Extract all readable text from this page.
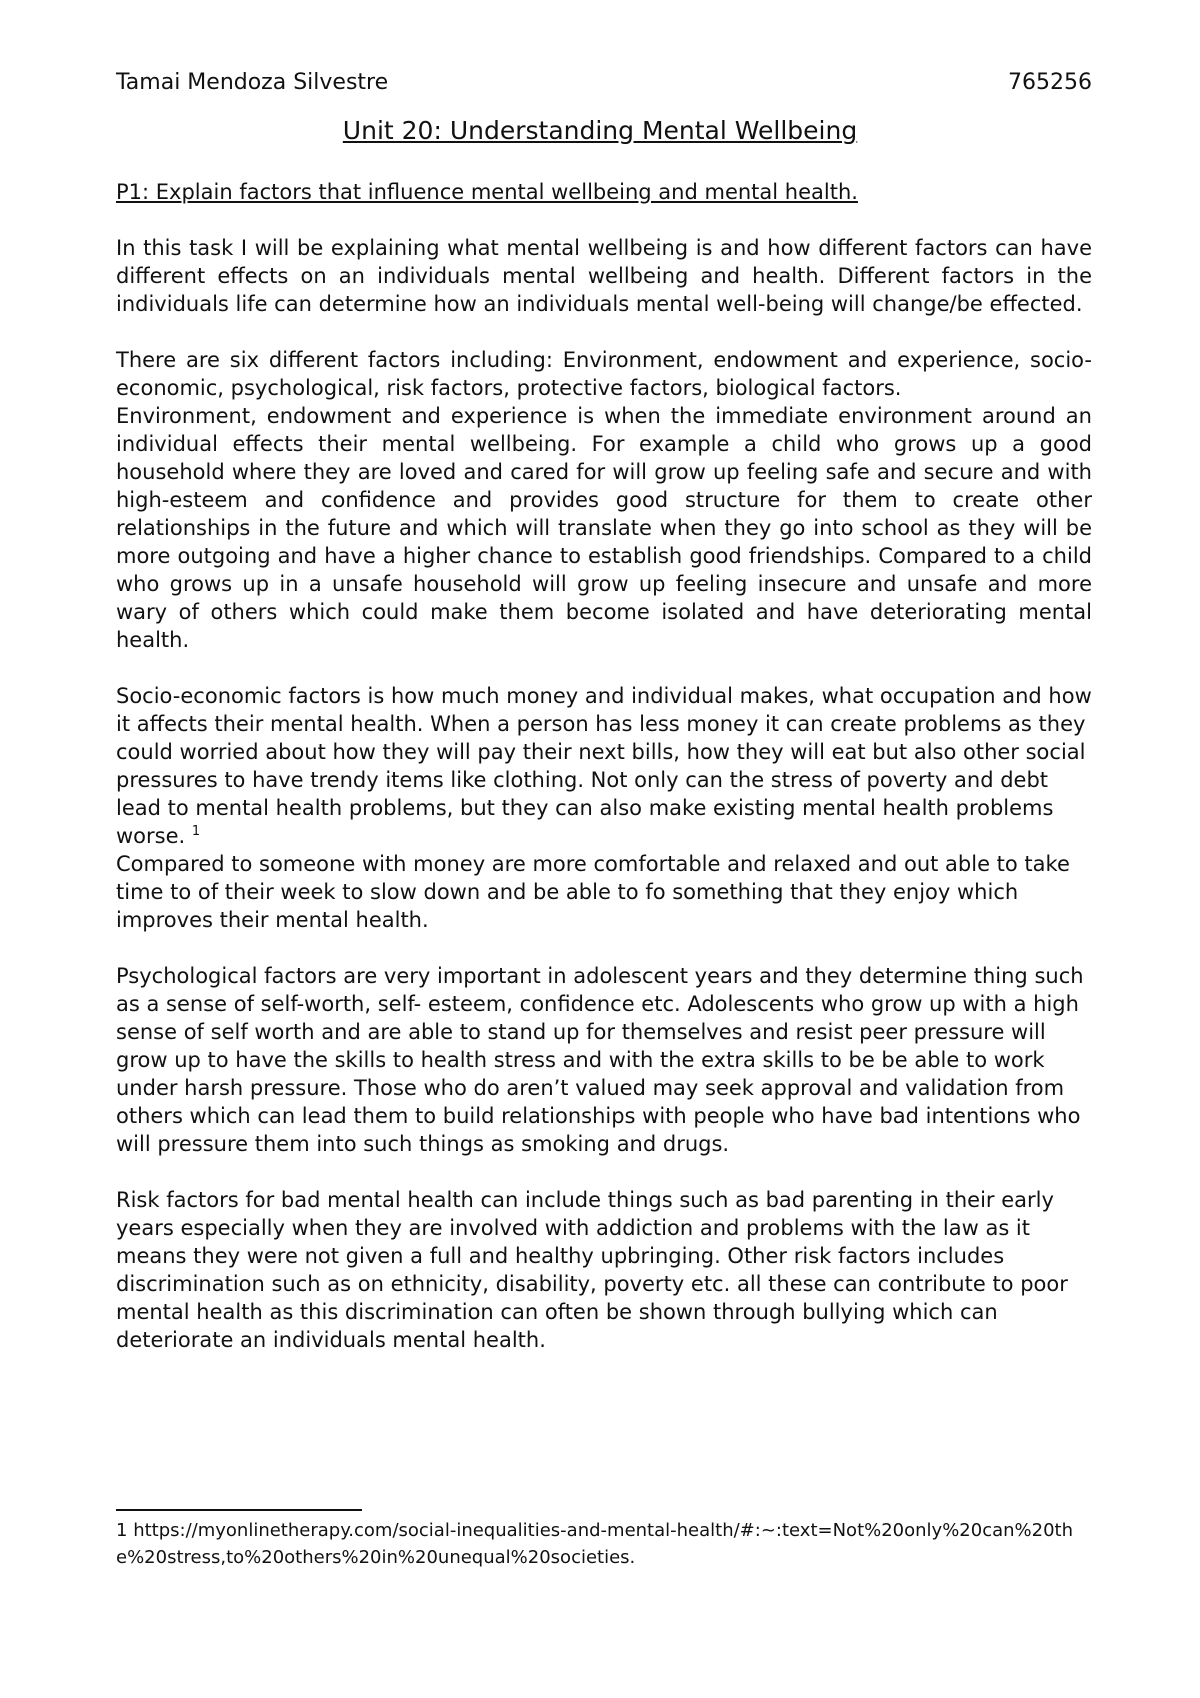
Tamai Mendoza Silvestre	765256
Unit 20: Understanding Mental Wellbeing

P1: Explain factors that influence mental wellbeing and mental health.

In this task I will be explaining what mental wellbeing is and how different factors can have different effects on an individuals mental wellbeing and health. Different factors in the individuals life can determine how an individuals mental well-being will change/be effected.

There are six different factors including: Environment, endowment and experience, socio-economic, psychological, risk factors, protective factors, biological factors.

Environment, endowment and experience is when the immediate environment around an individual effects their mental wellbeing. For example a child who grows up a good household where they are loved and cared for will grow up feeling safe and secure and with high-esteem and confidence and provides good structure for them to create other relationships in the future and which will translate when they go into school as they will be more outgoing and have a higher chance to establish good friendships. Compared to a child who grows up in a unsafe household will grow up feeling insecure and unsafe and more wary of others which could make them become isolated and have deteriorating mental health.

Socio-economic factors is how much money and individual makes, what occupation and how it affects their mental health. When a person has less money it can create problems as they could worried about how they will pay their next bills, how they will eat but also other social pressures to have trendy items like clothing. Not only can the stress of poverty and debt lead to mental health problems, but they can also make existing mental health problems worse. $^1$
Compared to someone with money are more comfortable and relaxed and out able to take time to of their week to slow down and be able to fo something that they enjoy which improves their mental health.

Psychological factors are very important in adolescent years and they determine thing such as a sense of self-worth, self- esteem, confidence etc. Adolescents who grow up with a high sense of self worth and are able to stand up for themselves and resist peer pressure will grow up to have the skills to health stress and with the extra skills to be be able to work under harsh pressure. Those who do aren’t valued may seek approval and validation from others which can lead them to build relationships with people who have bad intentions who will pressure them into such things as smoking and drugs.

Risk factors for bad mental health can include things such as bad parenting in their early years especially when they are involved with addiction and problems with the law as it means they were not given a full and healthy upbringing. Other risk factors includes discrimination such as on ethnicity, disability, poverty etc. all these can contribute to poor mental health as this discrimination can often be shown through bullying which can deteriorate an individuals mental health.

1 https://myonlinetherapy.com/social-inequalities-and-mental-health/#:~:text=Not%20only%20can%20the%20stress,to%20others%20in%20unequal%20societies.
